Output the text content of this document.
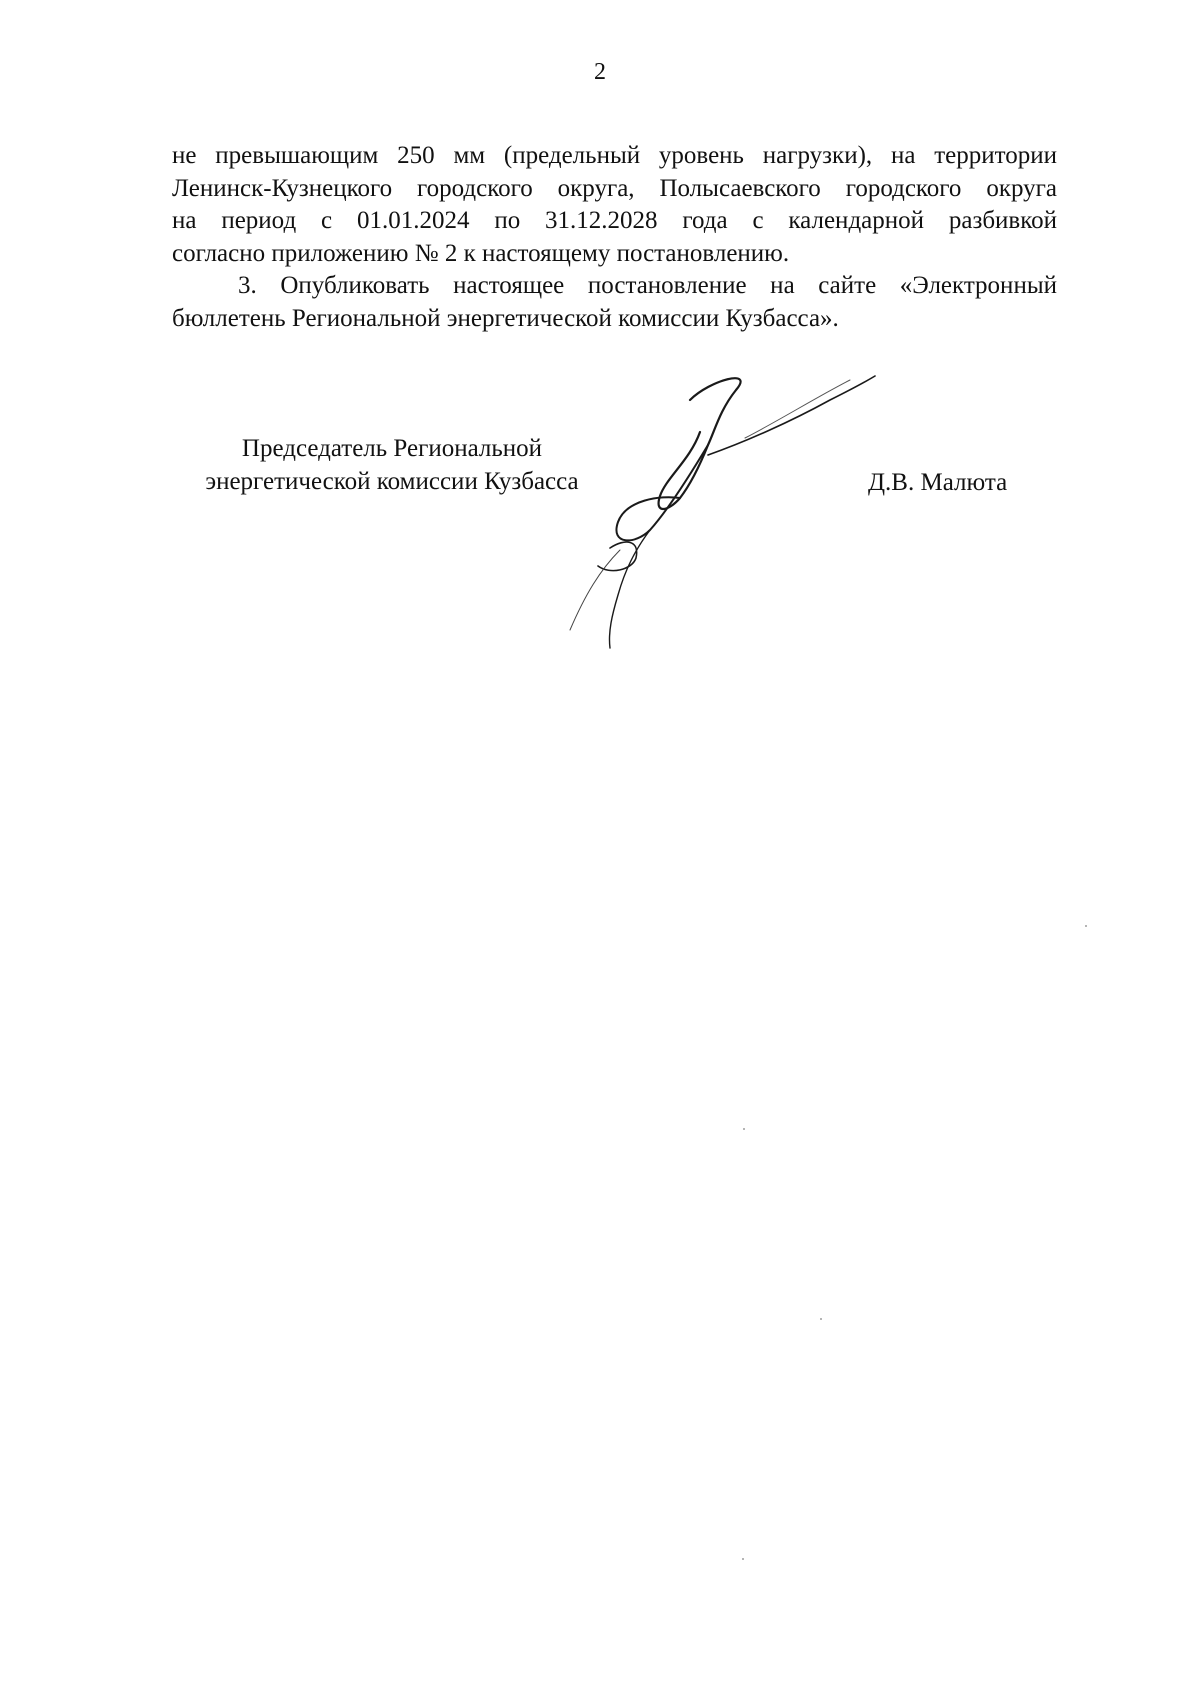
2
не превышающим 250 мм (предельный уровень нагрузки), на территории
Ленинск-Кузнецкого городского округа, Полысаевского городского округа
на период с 01.01.2024 по 31.12.2028 года с календарной разбивкой
согласно приложению № 2 к настоящему постановлению.
3. Опубликовать настоящее постановление на сайте «Электронный
бюллетень Региональной энергетической комиссии Кузбасса».
Председатель Региональной
энергетической комиссии Кузбасса	Д.В. Малюта
